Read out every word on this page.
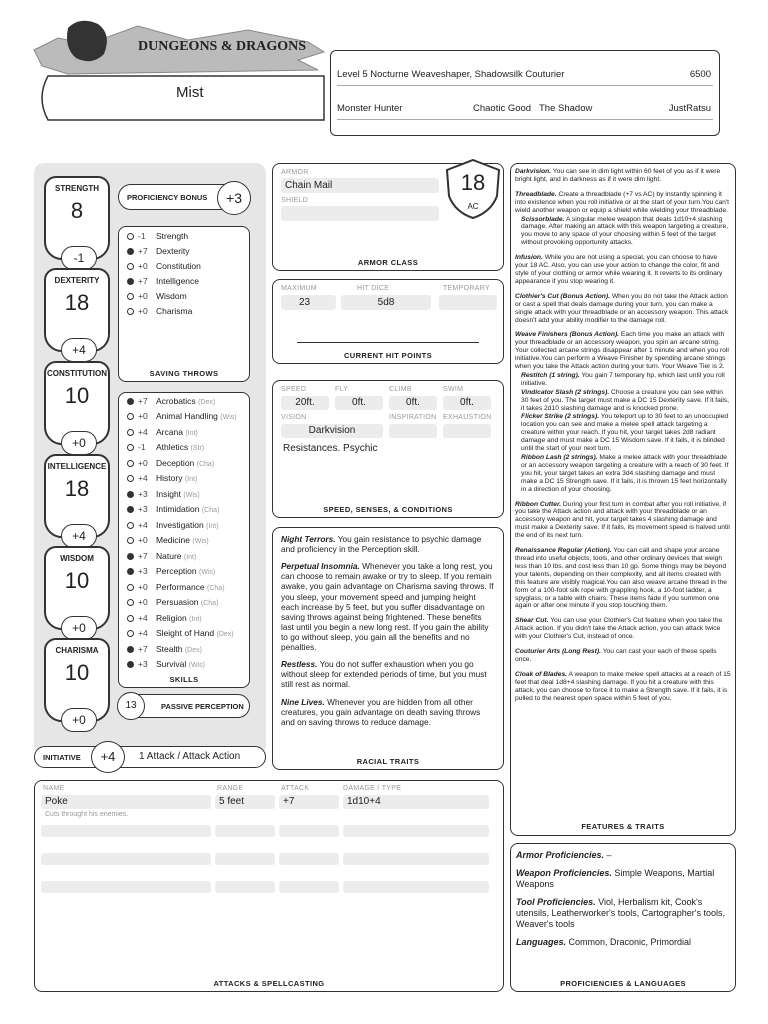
DUNGEONS & DRAGONS
Mist
Level 5 Nocturne Weaveshaper, Shadowsilk Couturier	6500
Monster Hunter	Chaotic Good The Shadow	JustRatsu
STRENGTH
8
-1
DEXTERITY
18
+4
CONSTITUTION
10
+0
INTELLIGENCE
18
+4
WISDOM
10
+0
CHARISMA
10
+0
PROFICIENCY BONUS	+3
-1 Strength
+7 Dexterity
+0 Constitution
+7 Intelligence
+0 Wisdom
+0 Charisma
SAVING THROWS
+7 Acrobatics (Dex)
+0 Animal Handling (Wis)
+4 Arcana (Int)
-1 Athletics (Str)
+0 Deception (Cha)
+4 History (Int)
+3 Insight (Wis)
+3 Intimidation (Cha)
+4 Investigation (Int)
+0 Medicine (Wis)
+7 Nature (Int)
+3 Perception (Wis)
+0 Performance (Cha)
+0 Persuasion (Cha)
+4 Religion (Int)
+4 Sleight of Hand (Dex)
+7 Stealth (Dex)
+3 Survival (Wis)
SKILLS
13	PASSIVE PERCEPTION
INITIATIVE	+4	1 Attack / Attack Action
ARMOR
Chain Mail
SHIELD
18
AC
ARMOR CLASS
MAXIMUM	HIT DICE	TEMPORARY
23	5d8
CURRENT HIT POINTS
SPEED	FLY	CLIMB	SWIM
20ft.	0ft.	0ft.	0ft.
VISION	INSPIRATION EXHAUSTION
Darkvision
Resistances. Psychic
SPEED, SENSES, & CONDITIONS

Night Terrors. You gain resistance to psychic damage and proficiency in the Perception skill.

Perpetual Insomnia. Whenever you take a long rest, you can choose to remain awake or try to sleep. If you remain awake, you gain advantage on Charisma saving throws. If you sleep, your movement speed and jumping height each increase by 5 feet, but you suffer disadvantage on saving throws against being frightened. These benefits last until you begin a new long rest. If you gain the ability to go without sleep, you gain all the benefits and no penalties.

Restless. You do not suffer exhaustion when you go without sleep for extended periods of time, but you must still rest as normal.

Nine Lives. Whenever you are hidden from all other creatures, you gain advantage on death saving throws and on saving throws to reduce damage.

RACIAL TRAITS
NAME	RANGE	ATTACK	DAMAGE / TYPE
Poke	5 feet	+7	1d10+4
Cuts throught his enemies.
ATTACKS & SPELLCASTING

Darkvision. You can see in dim light within 60 feet of you as if it were bright light, and in darkness as if it were dim light.

Threadblade. Create a threadblade (+7 vs AC) by instantly spinning it into existence when you roll initiative or at the start of your turn.You can't wield another weapon or equip a shield while wielding your threadblade.

Scissorblade. A singular melee weapon that deals 1d10+4 slashing damage. After making an attack with this weapon targeting a creature, you move to any space of your choosing within 5 feet of the target without provoking opportunity attacks.

Infusion. While you are not using a special, you can choose to have your 18 AC. Also, you can use your action to change the color, fit and style of your clothing or armor while wearing it. It reverts to its ordinary appearance if you stop wearing it.

Clothier's Cut (Bonus Action). When you do not take the Attack action or cast a spell that deals damage during your turn, you can make a single attack with your threadblade or an accessory weapon. This attack doesn't add your ability modifier to the damage roll.

Weave Finishers (Bonus Action). Each time you make an attack with your threadblade or an accessory weapon, you spin an arcane string. Your collected arcane strings disappear after 1 minute and when you roll initiative.You can perform a Weave Finisher by spending arcane strings when you take the Attack action during your turn. Your Weave Tier is 2.

Restitch (1 string). You gain 7 temporary hp, which last until you roll initiative.

Vindicator Slash (2 strings). Choose a creature you can see within 30 feet of you. The target must make a DC 15 Dexterity save. If it fails, it takes 2d10 slashing damage and is knocked prone.

Flicker Strike (2 strings). You teleport up to 30 feet to an unoccupied location you can see and make a melee spell attack targeting a creature within your reach. If you hit, your target takes 2d8 radiant damage and must make a DC 15 Wisdom save. If it fails, it is blinded until the start of your next turn.

Ribbon Lash (2 strings). Make a melee attack with your threadblade or an accessory weapon targeting a creature with a reach of 30 feet. If you hit, your target takes an extra 3d4 slashing damage and must make a DC 15 Strength save. If it fails, it is thrown 15 feet horizontally in a direction of your choosing.

Ribbon Cutter. During your first turn in combat after you roll initiative, if you take the Attack action and attack with your threadblade or an accessory weapon and hit, your target takes 4 slashing damage and must make a Dexterity save. If it fails, its movement speed is halved until the end of its next turn.

Renaissance Regular (Action). You can call and shape your arcane thread into useful objects, tools, and other ordinary devices that weigh less than 10 lbs. and cost less than 10 gp. Some things may be beyond your talents, depending on their complexity, and all items created with this feature are visibly magical.You can also weave arcane thread in the form of a 100-foot silk rope with grappling hook, a 10-foot ladder, a spyglass, or a table with chairs. These items fade if you summon one again or after one minute if you stop touching them.

Shear Cut. You can use your Clothier's Cut feature when you take the Attack action. If you didn't take the Attack action, you can attack twice with your Clothier's Cut, instead of once.

Couturier Arts (Long Rest). You can cast your each of these spells once.

Cloak of Blades. A weapon to make melee spell attacks at a reach of 15 feet that deal 1d8+4 slashing damage. If you hit a creature with this attack, you can choose to force it to make a Strength save. If it fails, it is pulled to the nearest open space within 5 feet of you.

FEATURES & TRAITS

Armor Proficiencies. –

Weapon Proficiencies. Simple Weapons, Martial Weapons

Tool Proficiencies. Viol, Herbalism kit, Cook's utensils, Leatherworker's tools, Cartographer's tools, Weaver's tools

Languages. Common, Draconic, Primordial

PROFICIENCIES & LANGUAGES
